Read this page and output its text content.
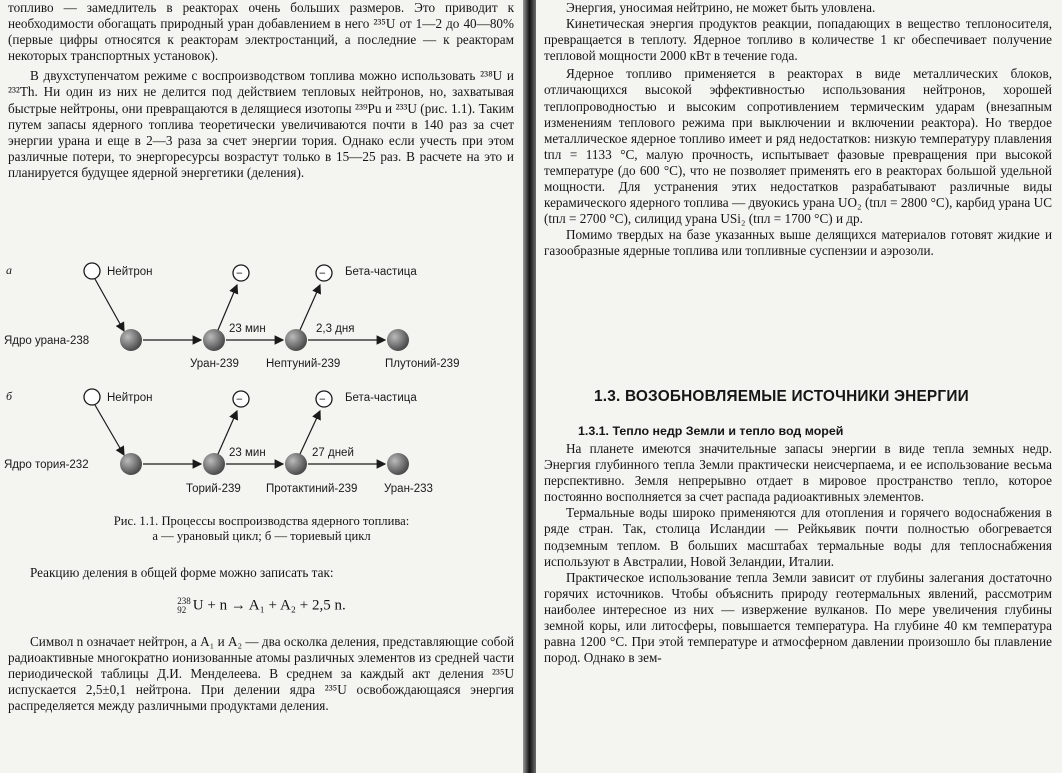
топливо — замедлитель в реакторах очень больших размеров. Это приводит к необходимости обогащать природный уран добавлением в него ²³⁵U от 1—2 до 40—80% (первые цифры относятся к реакторам электростанций, а последние — к реакторам некоторых транспортных установок).

В двухступенчатом режиме с воспроизводством топлива можно использовать ²³⁸U и ²³²Th. Ни один из них не делится под действием тепловых нейтронов, но, захватывая быстрые нейтроны, они превращаются в делящиеся изотопы ²³⁹Pu и ²³³U (рис. 1.1). Таким путем запасы ядерного топлива теоретически увеличиваются почти в 140 раз за счет энергии урана и еще в 2—3 раза за счет энергии тория. Однако если учесть при этом различные потери, то энергоресурсы возрастут только в 15—25 раз. В расчете на это и планируется будущее ядерной энергетики (деления).

а	Нейтрон
Ядро урана-238
Уран-239
−
23 мин
Нептуний-239
− Бета-частица
2,3 дня
Плутоний-239
б	Нейтрон
Ядро тория-232
Торий-239
−
23 мин
Протактиний-239
− Бета-частица
27 дней
Уран-233
Рис. 1.1. Процессы воспроизводства ядерного топлива:
а — урановый цикл; б — ториевый цикл

Реакцию деления в общей форме можно записать так:

238
92 U + n → A₁ + A₂ + 2,5 n.

Символ n означает нейтрон, а A₁ и A₂ — два осколка деления, представляющие собой радиоактивные многократно ионизованные атомы различных элементов из средней части периодической таблицы Д.И. Менделеева. В среднем за каждый акт деления ²³⁵U испускается 2,5±0,1 нейтрона. При делении ядра ²³⁵U освобождающаяся энергия распределяется между различными продуктами деления.

Энергия, уносимая нейтрино, не может быть уловлена.

Кинетическая энергия продуктов реакции, попадающих в вещество теплоносителя, превращается в теплоту. Ядерное топливо в количестве 1 кг обеспечивает получение тепловой мощности 2000 кВт в течение года.

Ядерное топливо применяется в реакторах в виде металлических блоков, отличающихся высокой эффективностью использования нейтронов, хорошей теплопроводностью и высоким сопротивлением термическим ударам (внезапным изменениям теплового режима при выключении и включении реактора). Но твердое металлическое ядерное топливо имеет и ряд недостатков: низкую температуру плавления tпл = 1133 °С, малую прочность, испытывает фазовые превращения при высокой температуре (до 600 °С), что не позволяет применять его в реакторах большой удельной мощности. Для устранения этих недостатков разрабатывают различные виды керамического ядерного топлива — двуокись урана UO₂ (tпл = 2800 °С), карбид урана UC (tпл = 2700 °С), силицид урана USi₂ (tпл = 1700 °С) и др.

Помимо твердых на базе указанных выше делящихся материалов готовят жидкие и газообразные ядерные топлива или топливные суспензии и аэрозоли.

1.3. ВОЗОБНОВЛЯЕМЫЕ ИСТОЧНИКИ ЭНЕРГИИ
1.3.1. Тепло недр Земли и тепло вод морей

На планете имеются значительные запасы энергии в виде тепла земных недр. Энергия глубинного тепла Земли практически неисчерпаема, и ее использование весьма перспективно. Земля непрерывно отдает в мировое пространство тепло, которое постоянно восполняется за счет распада радиоактивных элементов.

Термальные воды широко применяются для отопления и горячего водоснабжения в ряде стран. Так, столица Исландии — Рейкьявик почти полностью обогревается подземным теплом. В больших масштабах термальные воды для теплоснабжения используют в Австралии, Новой Зеландии, Италии.

Практическое использование тепла Земли зависит от глубины залегания достаточно горячих источников. Чтобы объяснить природу геотермальных явлений, рассмотрим наиболее интересное из них — извержение вулканов. По мере увеличения глубины земной коры, или литосферы, повышается температура. На глубине 40 км температура равна 1200 °С. При этой температуре и атмосферном давлении произошло бы плавление пород. Однако в зем-
